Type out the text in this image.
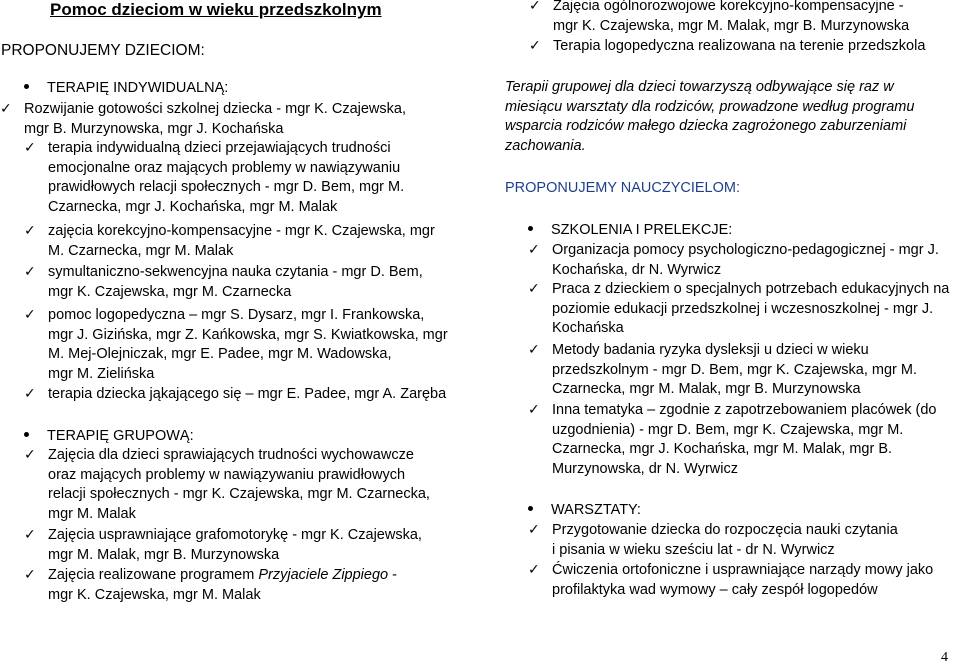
Pomoc dzieciom w wieku przedszkolnym
PROPONUJEMY DZIECIOM:
TERAPIĘ INDYWIDUALNĄ:
✓ Rozwijanie gotowości szkolnej dziecka - mgr K. Czajewska,
mgr B. Murzynowska, mgr J. Kochańska
✓ terapia indywidualną dzieci przejawiających trudności
emocjonalne oraz mających problemy w nawiązywaniu
prawidłowych relacji społecznych - mgr D. Bem, mgr M.
Czarnecka, mgr J. Kochańska, mgr M. Malak
✓ zajęcia korekcyjno-kompensacyjne - mgr K. Czajewska, mgr
M. Czarnecka, mgr M. Malak
✓ symultaniczno-sekwencyjna nauka czytania - mgr D. Bem,
mgr K. Czajewska, mgr M. Czarnecka
✓ pomoc logopedyczna – mgr S. Dysarz, mgr I. Frankowska,
mgr J. Gizińska, mgr Z. Kańkowska, mgr S. Kwiatkowska, mgr
M. Mej-Olejniczak, mgr E. Padee, mgr M. Wadowska,
mgr M. Zielińska
✓ terapia dziecka jąkającego się – mgr E. Padee, mgr A. Zaręba
TERAPIĘ GRUPOWĄ:
✓ Zajęcia dla dzieci sprawiających trudności wychowawcze
oraz mających problemy w nawiązywaniu prawidłowych
relacji społecznych - mgr K. Czajewska, mgr M. Czarnecka,
mgr M. Malak
✓ Zajęcia usprawniające grafomotorykę - mgr K. Czajewska,
mgr M. Malak, mgr B. Murzynowska
✓ Zajęcia realizowane programem Przyjaciele Zippiego -
mgr K. Czajewska, mgr M. Malak
✓ Zajęcia ogólnorozwojowe korekcyjno-kompensacyjne -
mgr K. Czajewska, mgr M. Malak, mgr B. Murzynowska
✓ Terapia logopedyczna realizowana na terenie przedszkola
Terapii grupowej dla dzieci towarzyszą odbywające się raz w
miesiącu warsztaty dla rodziców, prowadzone według programu
wsparcia rodziców małego dziecka zagrożonego zaburzeniami
zachowania.
PROPONUJEMY NAUCZYCIELOM:
SZKOLENIA I PRELEKCJE:
✓ Organizacja pomocy psychologiczno-pedagogicznej - mgr J.
Kochańska, dr N. Wyrwicz
✓ Praca z dzieckiem o specjalnych potrzebach edukacyjnych na
poziomie edukacji przedszkolnej i wczesnoszkolnej - mgr J.
Kochańska
✓ Metody badania ryzyka dysleksji u dzieci w wieku
przedszkolnym - mgr D. Bem, mgr K. Czajewska, mgr M.
Czarnecka, mgr M. Malak, mgr B. Murzynowska
✓ Inna tematyka – zgodnie z zapotrzebowaniem placówek (do
uzgodnienia) - mgr D. Bem, mgr K. Czajewska, mgr M.
Czarnecka, mgr J. Kochańska, mgr M. Malak, mgr B.
Murzynowska, dr N. Wyrwicz
WARSZTATY:
✓ Przygotowanie dziecka do rozpoczęcia nauki czytania
i pisania w wieku sześciu lat - dr N. Wyrwicz
✓ Ćwiczenia ortofoniczne i usprawniające narządy mowy jako
profilaktyka wad wymowy – cały zespół logopedów
4
